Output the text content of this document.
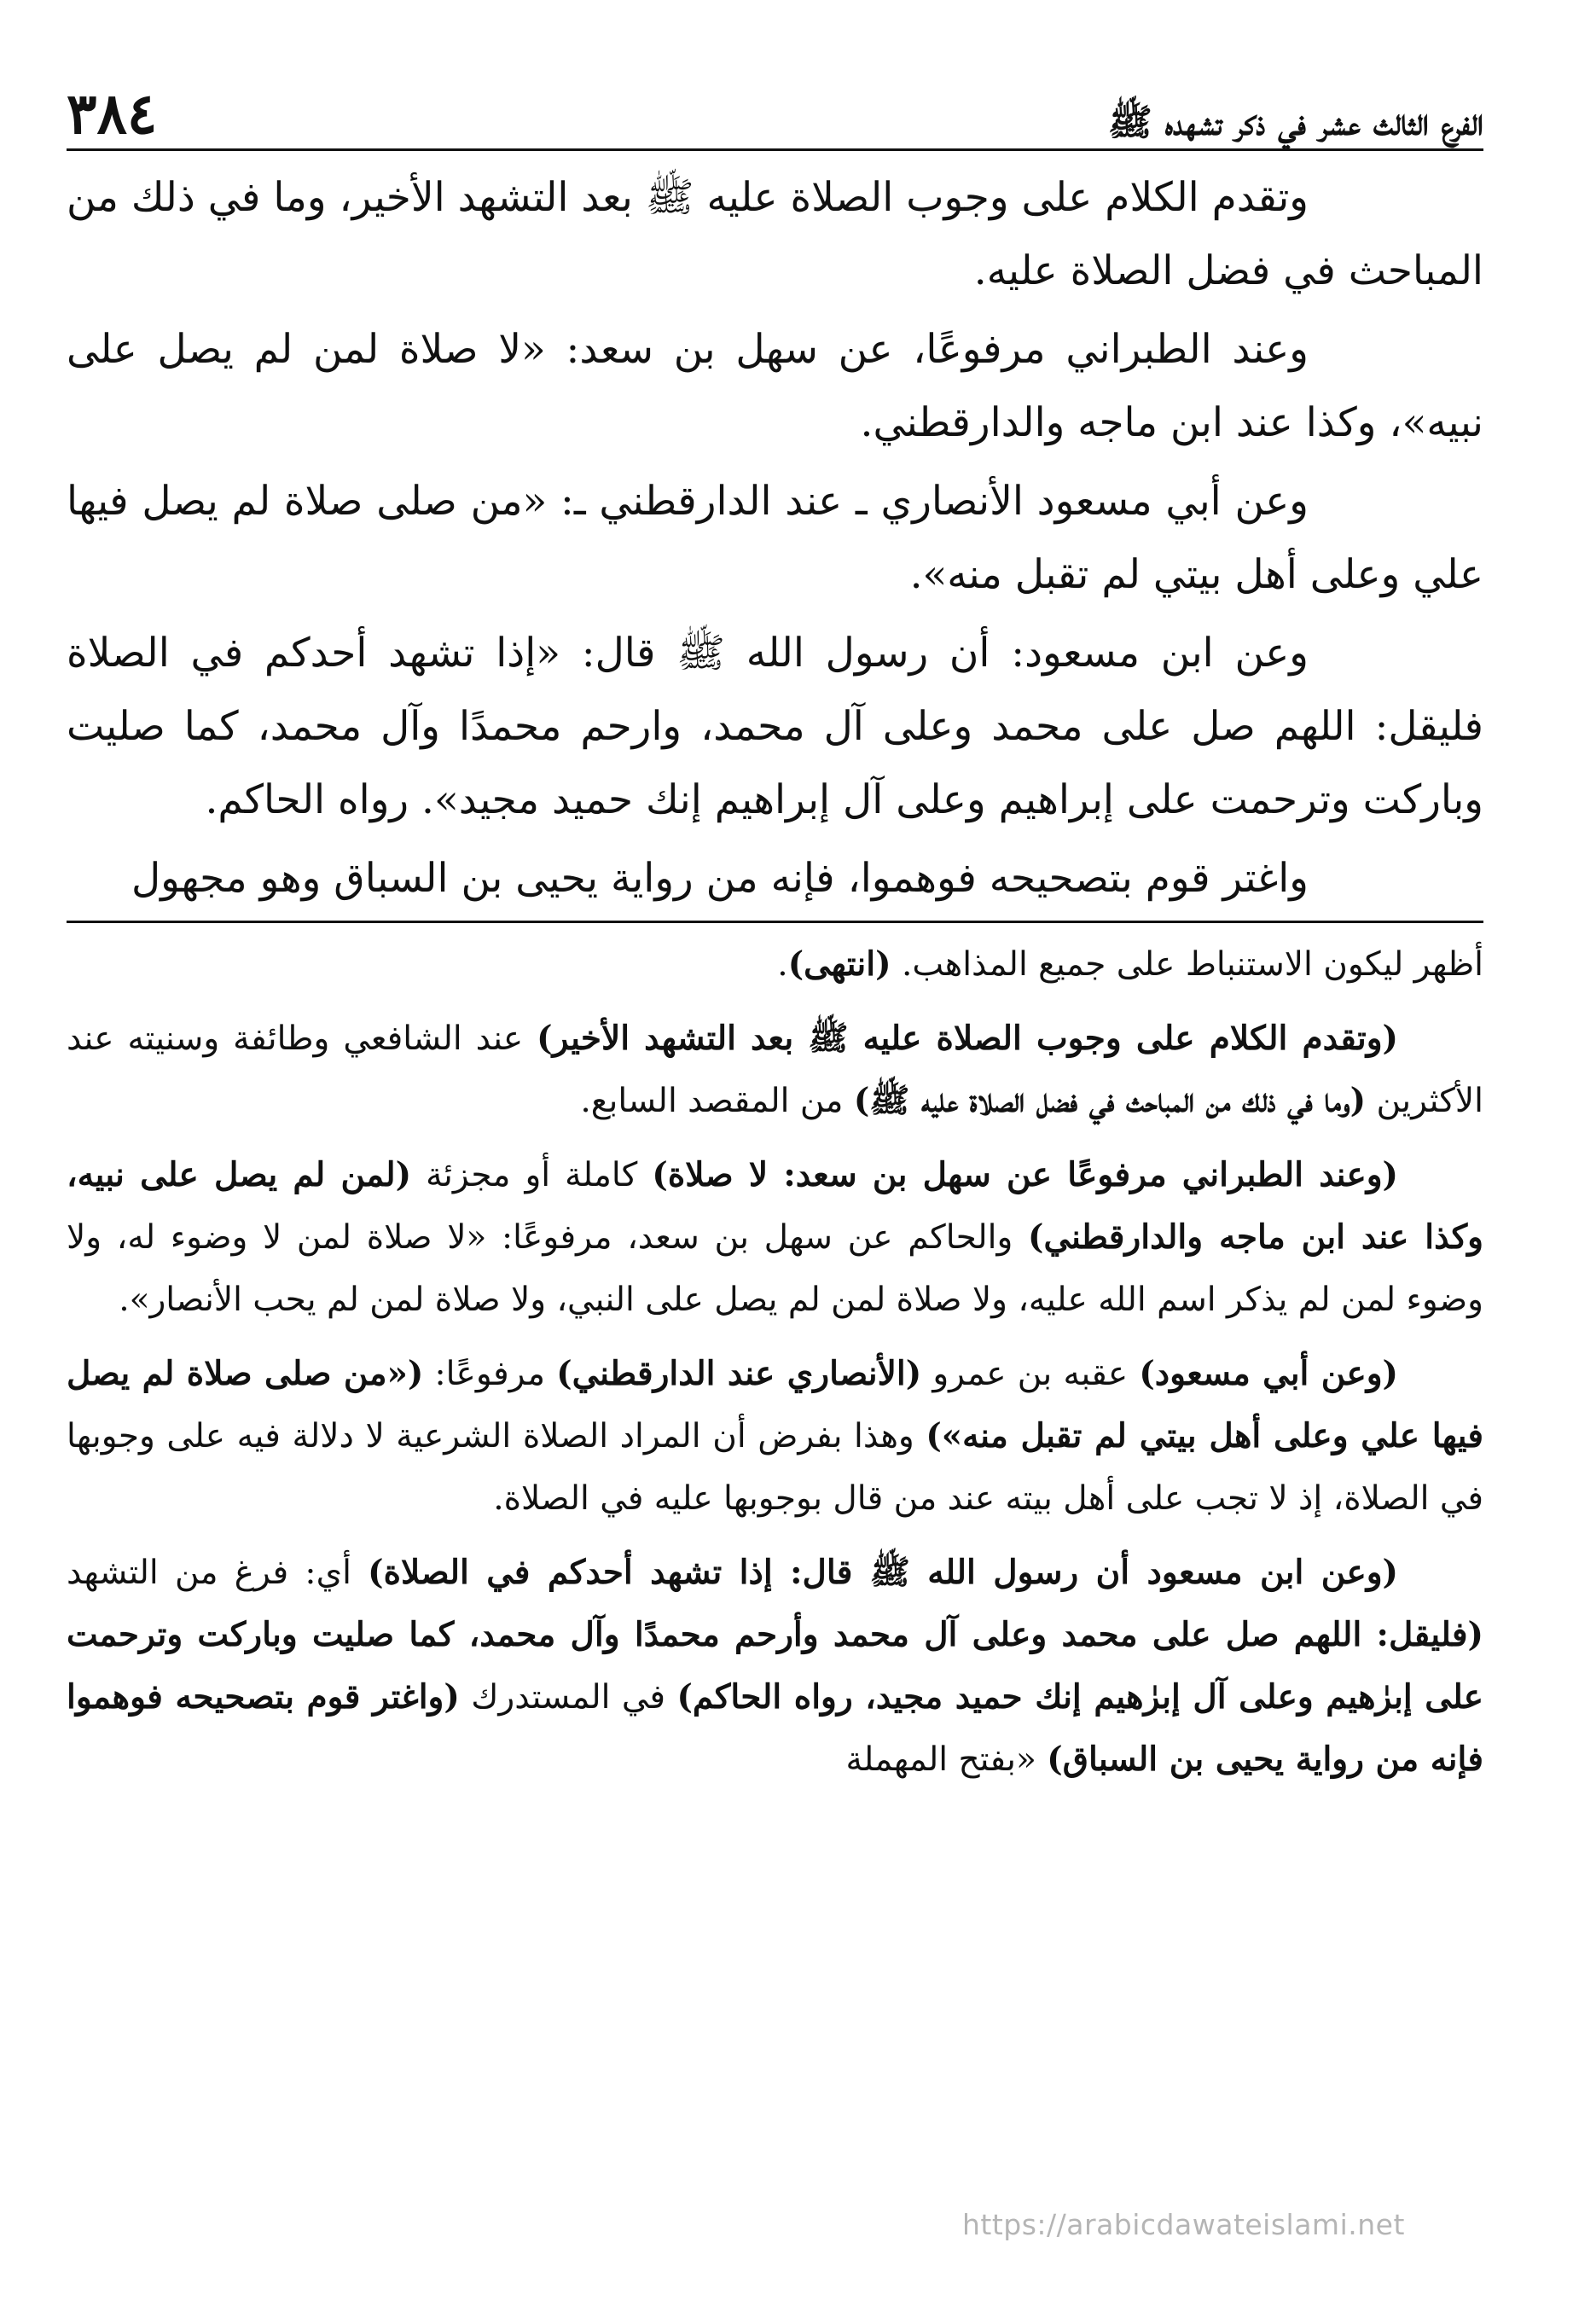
الفرع الثالث عشر في ذكر تشهده ﷺ
٣٨٤

وتقدم الكلام على وجوب الصلاة عليه ﷺ بعد التشهد الأخير، وما في ذلك من المباحث في فضل الصلاة عليه.

وعند الطبراني مرفوعًا، عن سهل بن سعد: «لا صلاة لمن لم يصل على نبيه»، وكذا عند ابن ماجه والدارقطني.

وعن أبي مسعود الأنصاري ـ عند الدارقطني ـ: «من صلى صلاة لم يصل فيها علي وعلى أهل بيتي لم تقبل منه».

وعن ابن مسعود: أن رسول الله ﷺ قال: «إذا تشهد أحدكم في الصلاة فليقل: اللهم صل على محمد وعلى آل محمد، وارحم محمدًا وآل محمد، كما صليت وباركت وترحمت على إبراهيم وعلى آل إبراهيم إنك حميد مجيد». رواه الحاكم.

واغتر قوم بتصحيحه فوهموا، فإنه من رواية يحيى بن السباق وهو مجهول

أظهر ليكون الاستنباط على جميع المذاهب. (انتهى).

(وتقدم الكلام على وجوب الصلاة عليه ﷺ بعد التشهد الأخير) عند الشافعي وطائفة وسنيته عند الأكثرين (وما في ذلك من المباحث في فضل الصلاة عليه ﷺ) من المقصد السابع.

(وعند الطبراني مرفوعًا عن سهل بن سعد: لا صلاة) كاملة أو مجزئة (لمن لم يصل على نبيه، وكذا عند ابن ماجه والدارقطني) والحاكم عن سهل بن سعد، مرفوعًا: «لا صلاة لمن لا وضوء له، ولا وضوء لمن لم يذكر اسم الله عليه، ولا صلاة لمن لم يصل على النبي، ولا صلاة لمن لم يحب الأنصار».

(وعن أبي مسعود) عقبه بن عمرو (الأنصاري عند الدارقطني) مرفوعًا: («من صلى صلاة لم يصل فيها علي وعلى أهل بيتي لم تقبل منه») وهذا بفرض أن المراد الصلاة الشرعية لا دلالة فيه على وجوبها في الصلاة، إذ لا تجب على أهل بيته عند من قال بوجوبها عليه في الصلاة.

(وعن ابن مسعود أن رسول الله ﷺ قال: إذا تشهد أحدكم في الصلاة) أي: فرغ من التشهد (فليقل: اللهم صل على محمد وعلى آل محمد وأرحم محمدًا وآل محمد، كما صليت وباركت وترحمت على إبرٰهيم وعلى آل إبرٰهيم إنك حميد مجيد، رواه الحاكم) في المستدرك (واغتر قوم بتصحيحه فوهموا فإنه من رواية يحيى بن السباق) «بفتح المهملة

https://arabicdawateislami.net
